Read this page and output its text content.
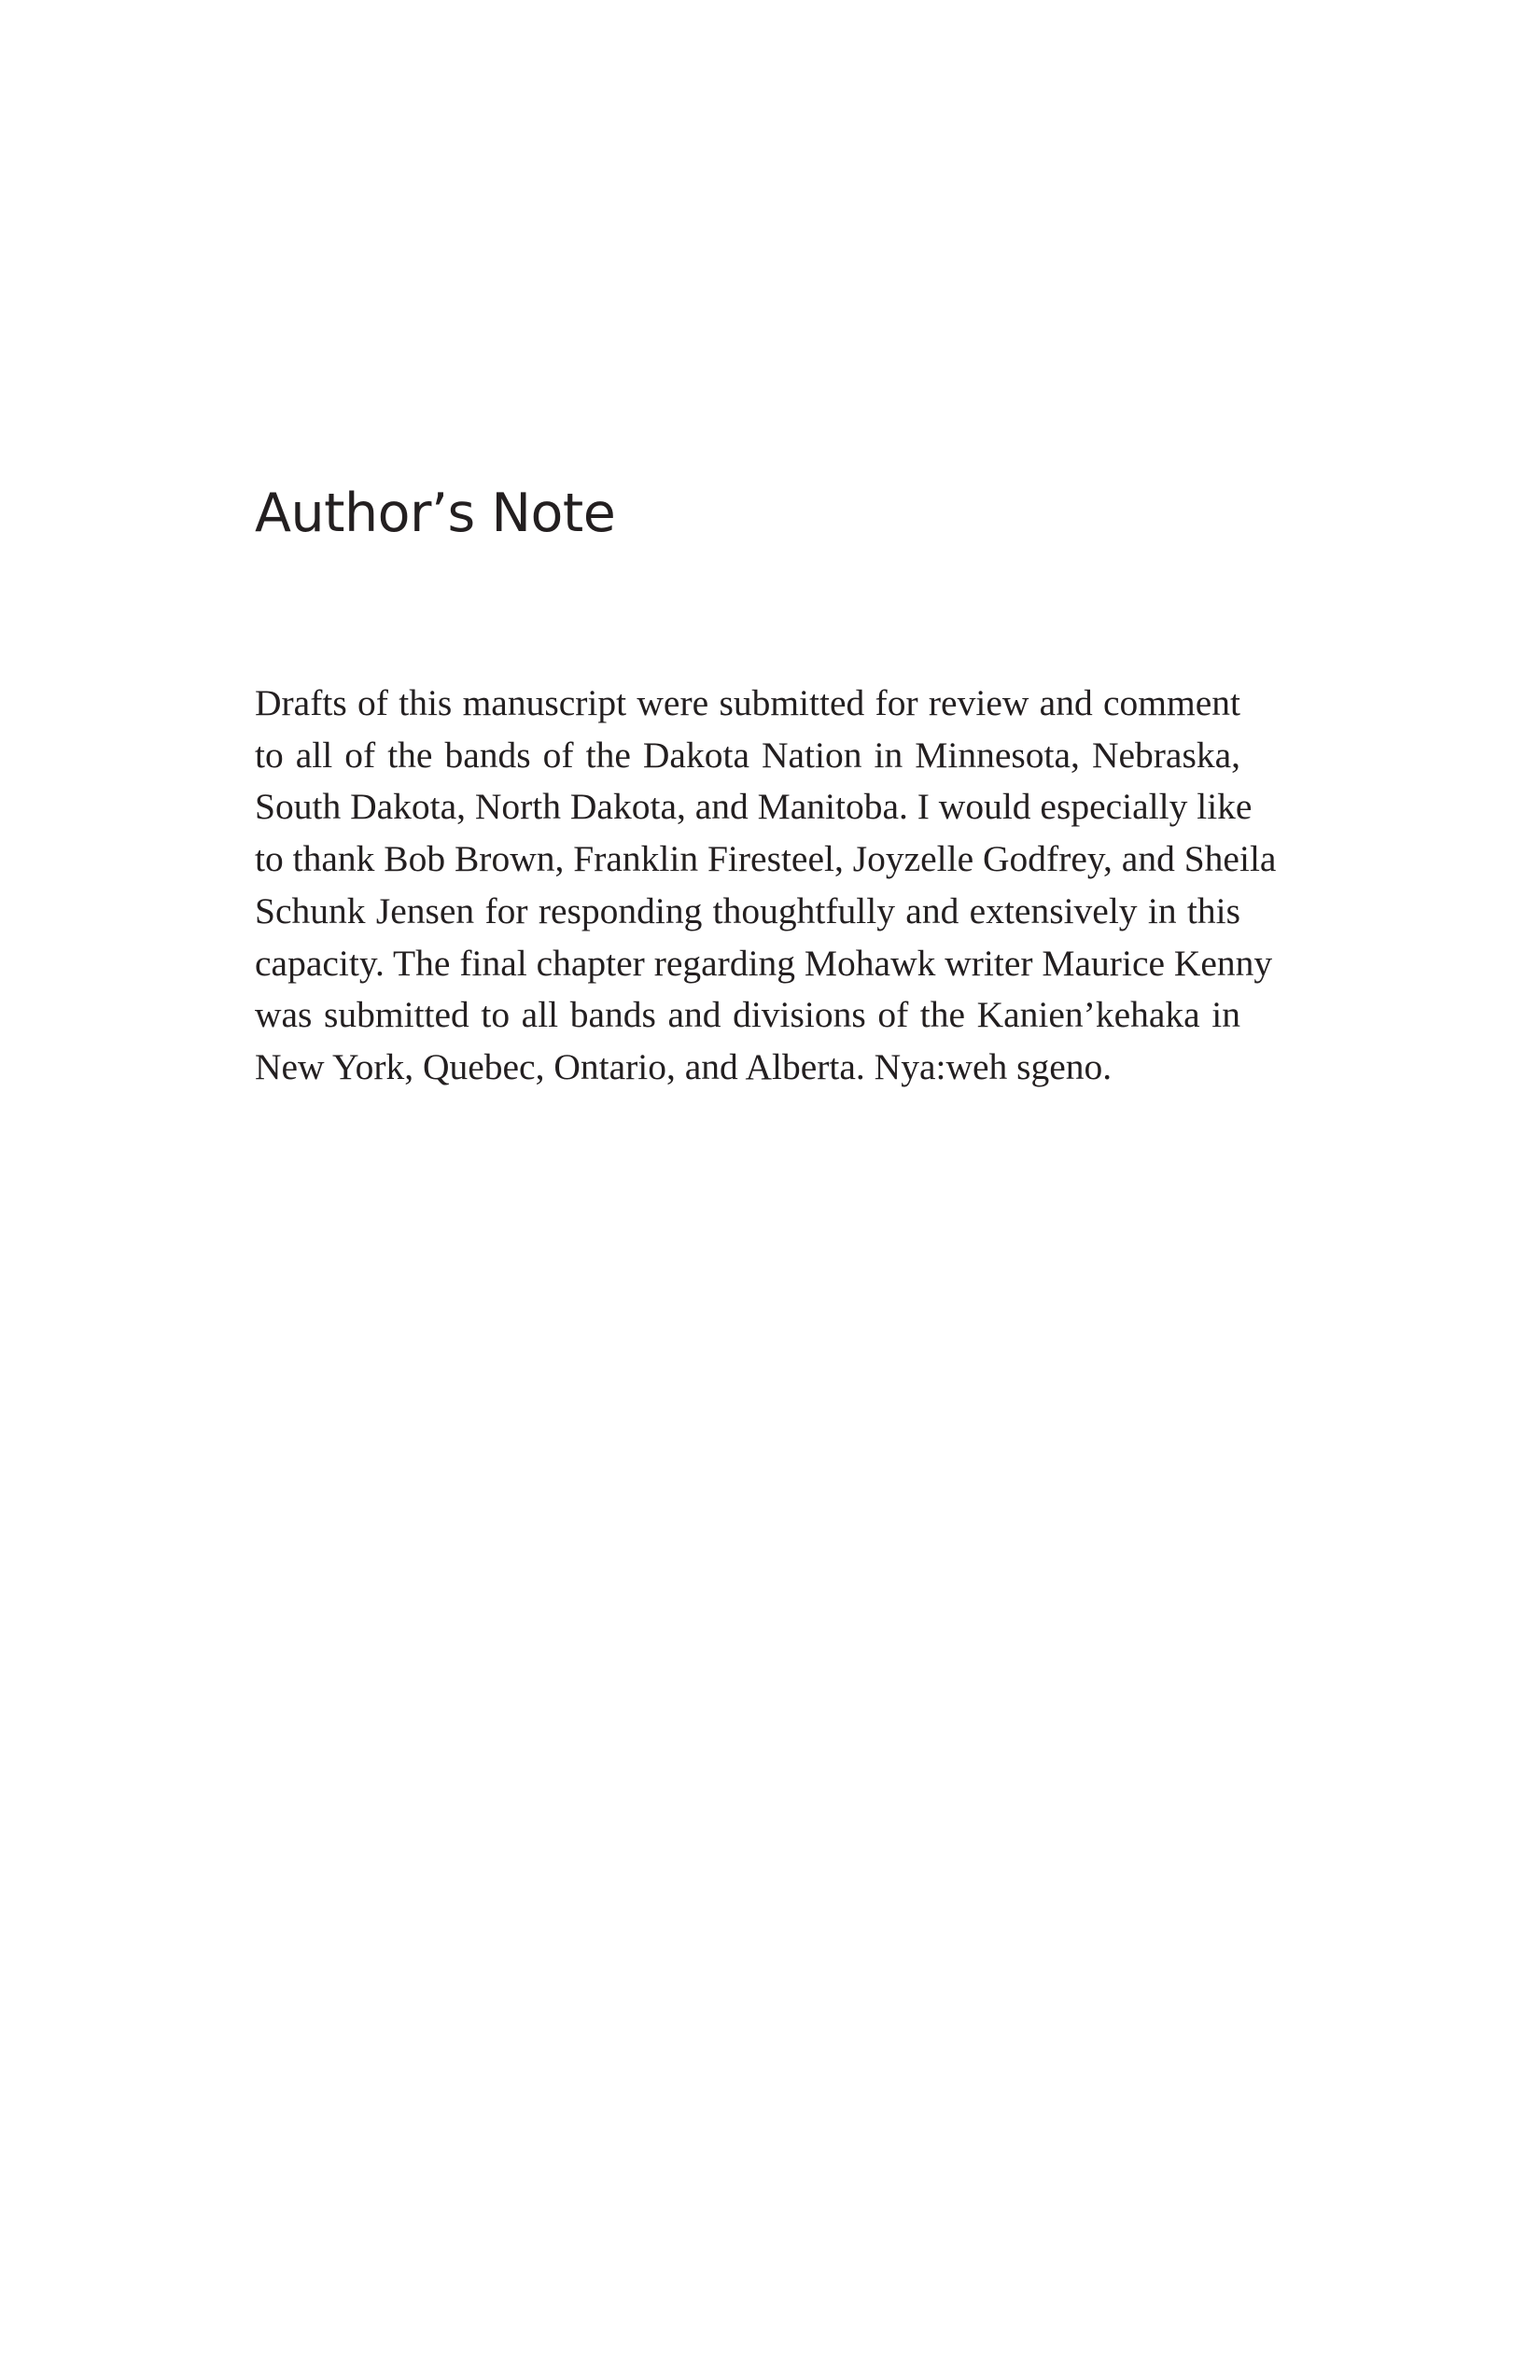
Author’s Note
Drafts of this manuscript were submitted for review and comment
to all of the bands of the Dakota Nation in Minnesota, Nebraska,
South Dakota, North Dakota, and Manitoba. I would especially like
to thank Bob Brown, Franklin Firesteel, Joyzelle Godfrey, and Sheila
Schunk Jensen for responding thoughtfully and extensively in this
capacity. The final chapter regarding Mohawk writer Maurice Kenny
was submitted to all bands and divisions of the Kanien’kehaka in
New York, Quebec, Ontario, and Alberta. Nya:weh sgeno.
